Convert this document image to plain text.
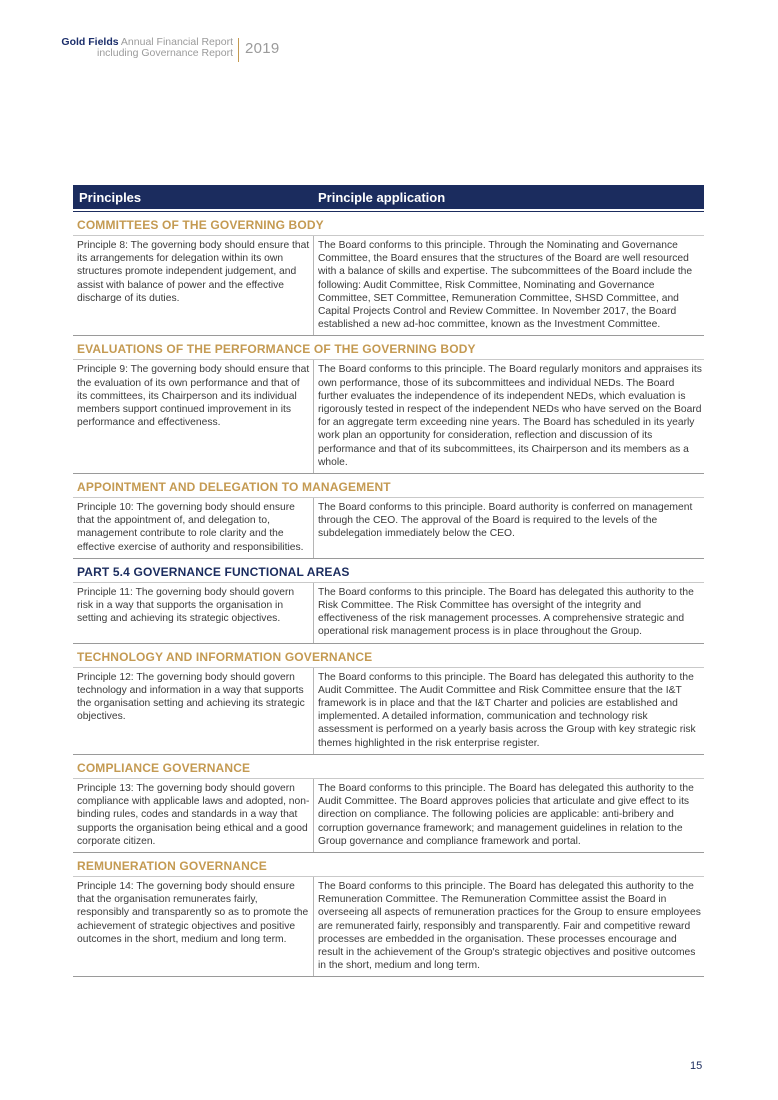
Gold Fields Annual Financial Report
including Governance Report 2019
Principles	Principle application
COMMITTEES OF THE GOVERNING BODY
Principle 8: The governing body should ensure that its arrangements for delegation within its own structures promote independent judgement, and assist with balance of power and the effective discharge of its duties.
The Board conforms to this principle. Through the Nominating and Governance Committee, the Board ensures that the structures of the Board are well resourced with a balance of skills and expertise. The subcommittees of the Board include the following: Audit Committee, Risk Committee, Nominating and Governance Committee, SET Committee, Remuneration Committee, SHSD Committee, and Capital Projects Control and Review Committee. In November 2017, the Board established a new ad-hoc committee, known as the Investment Committee.
EVALUATIONS OF THE PERFORMANCE OF THE GOVERNING BODY
Principle 9: The governing body should ensure that the evaluation of its own performance and that of its committees, its Chairperson and its individual members support continued improvement in its performance and effectiveness.
The Board conforms to this principle. The Board regularly monitors and appraises its own performance, those of its subcommittees and individual NEDs. The Board further evaluates the independence of its independent NEDs, which evaluation is rigorously tested in respect of the independent NEDs who have served on the Board for an aggregate term exceeding nine years. The Board has scheduled in its yearly work plan an opportunity for consideration, reflection and discussion of its performance and that of its subcommittees, its Chairperson and its members as a whole.
APPOINTMENT AND DELEGATION TO MANAGEMENT
Principle 10: The governing body should ensure that the appointment of, and delegation to, management contribute to role clarity and the effective exercise of authority and responsibilities.
The Board conforms to this principle. Board authority is conferred on management through the CEO. The approval of the Board is required to the levels of the subdelegation immediately below the CEO.
PART 5.4 GOVERNANCE FUNCTIONAL AREAS
Principle 11: The governing body should govern risk in a way that supports the organisation in setting and achieving its strategic objectives.
The Board conforms to this principle. The Board has delegated this authority to the Risk Committee. The Risk Committee has oversight of the integrity and effectiveness of the risk management processes. A comprehensive strategic and operational risk management process is in place throughout the Group.
TECHNOLOGY AND INFORMATION GOVERNANCE
Principle 12: The governing body should govern technology and information in a way that supports the organisation setting and achieving its strategic objectives.
The Board conforms to this principle. The Board has delegated this authority to the Audit Committee. The Audit Committee and Risk Committee ensure that the I&T framework is in place and that the I&T Charter and policies are established and implemented. A detailed information, communication and technology risk assessment is performed on a yearly basis across the Group with key strategic risk themes highlighted in the risk enterprise register.
COMPLIANCE GOVERNANCE
Principle 13: The governing body should govern compliance with applicable laws and adopted, non-binding rules, codes and standards in a way that supports the organisation being ethical and a good corporate citizen.
The Board conforms to this principle. The Board has delegated this authority to the Audit Committee. The Board approves policies that articulate and give effect to its direction on compliance. The following policies are applicable: anti-bribery and corruption governance framework; and management guidelines in relation to the Group governance and compliance framework and portal.
REMUNERATION GOVERNANCE
Principle 14: The governing body should ensure that the organisation remunerates fairly, responsibly and transparently so as to promote the achievement of strategic objectives and positive outcomes in the short, medium and long term.
The Board conforms to this principle. The Board has delegated this authority to the Remuneration Committee. The Remuneration Committee assist the Board in overseeing all aspects of remuneration practices for the Group to ensure employees are remunerated fairly, responsibly and transparently. Fair and competitive reward processes are embedded in the organisation. These processes encourage and result in the achievement of the Group's strategic objectives and positive outcomes in the short, medium and long term.
15
